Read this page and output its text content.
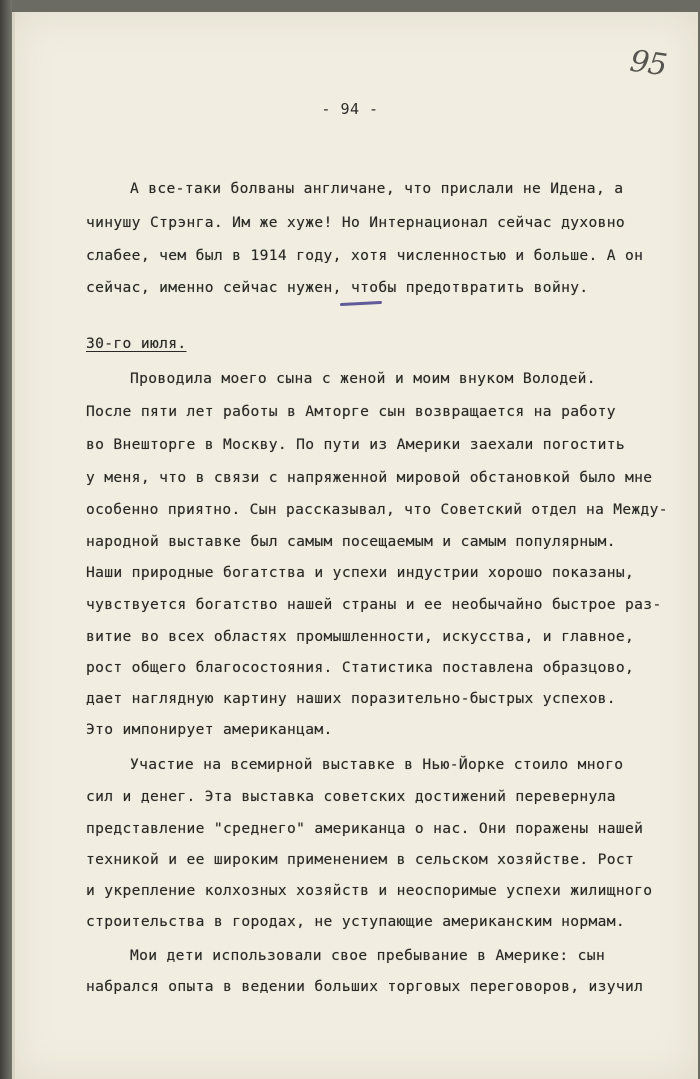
95
- 94 -
А все-таки болваны англичане, что прислали не Идена, а
чинушу Стрэнга. Им же хуже! Но Интернационал сейчас духовно
слабее, чем был в 1914 году, хотя численностью и больше. А он
сейчас, именно сейчас нужен, чтобы предотвратить войну.
30-го июля.
Проводила моего сына с женой и моим внуком Володей.
После пяти лет работы в Амторге сын возвращается на работу
во Внешторге в Москву. По пути из Америки заехали погостить
у меня, что в связи с напряженной мировой обстановкой было мне
особенно приятно. Сын рассказывал, что Советский отдел на Между-
народной выставке был самым посещаемым и самым популярным.
Наши природные богатства и успехи индустрии хорошо показаны,
чувствуется богатство нашей страны и ее необычайно быстрое раз-
витие во всех областях промышленности, искусства, и главное,
рост общего благосостояния. Статистика поставлена образцово,
дает наглядную картину наших поразительно-быстрых успехов.
Это импонирует американцам.
Участие на всемирной выставке в Нью-Йорке стоило много
сил и денег. Эта выставка советских достижений перевернула
представление "среднего" американца о нас. Они поражены нашей
техникой и ее широким применением в сельском хозяйстве. Рост
и укрепление колхозных хозяйств и неоспоримые успехи жилищного
строительства в городах, не уступающие американским нормам.
Мои дети использовали свое пребывание в Америке: сын
набрался опыта в ведении больших торговых переговоров, изучил
